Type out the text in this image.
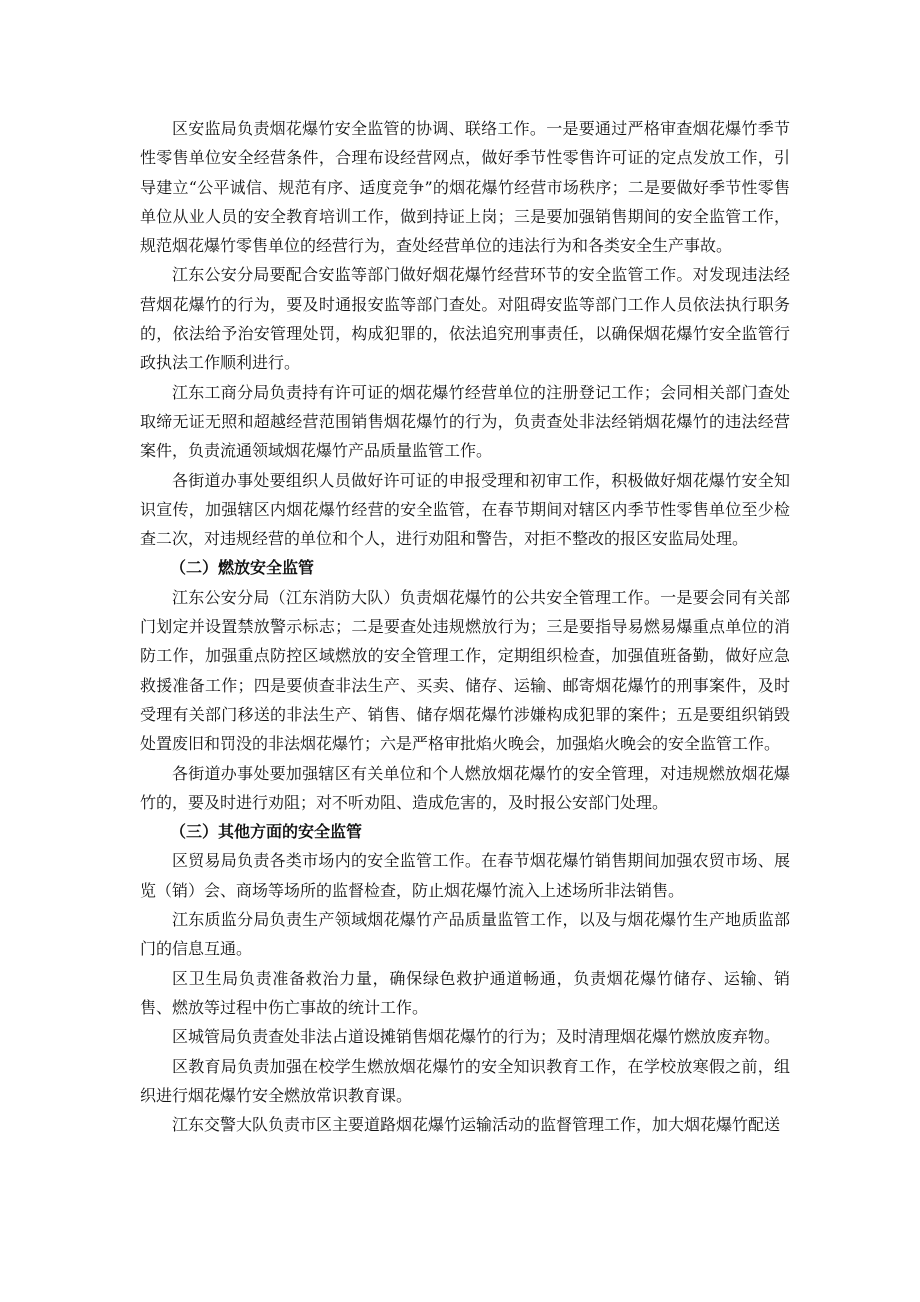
区安监局负责烟花爆竹安全监管的协调、联络工作。一是要通过严格审查烟花爆竹季节性零售单位安全经营条件，合理布设经营网点，做好季节性零售许可证的定点发放工作，引导建立“公平诚信、规范有序、适度竞争”的烟花爆竹经营市场秩序；二是要做好季节性零售单位从业人员的安全教育培训工作，做到持证上岗；三是要加强销售期间的安全监管工作，规范烟花爆竹零售单位的经营行为，查处经营单位的违法行为和各类安全生产事故。

江东公安分局要配合安监等部门做好烟花爆竹经营环节的安全监管工作。对发现违法经营烟花爆竹的行为，要及时通报安监等部门查处。对阻碍安监等部门工作人员依法执行职务的，依法给予治安管理处罚，构成犯罪的，依法追究刑事责任，以确保烟花爆竹安全监管行政执法工作顺利进行。

江东工商分局负责持有许可证的烟花爆竹经营单位的注册登记工作；会同相关部门查处取缔无证无照和超越经营范围销售烟花爆竹的行为，负责查处非法经销烟花爆竹的违法经营案件，负责流通领域烟花爆竹产品质量监管工作。

各街道办事处要组织人员做好许可证的申报受理和初审工作，积极做好烟花爆竹安全知识宣传，加强辖区内烟花爆竹经营的安全监管，在春节期间对辖区内季节性零售单位至少检查二次，对违规经营的单位和个人，进行劝阻和警告，对拒不整改的报区安监局处理。

（二）燃放安全监管

江东公安分局（江东消防大队）负责烟花爆竹的公共安全管理工作。一是要会同有关部门划定并设置禁放警示标志；二是要查处违规燃放行为；三是要指导易燃易爆重点单位的消防工作，加强重点防控区域燃放的安全管理工作，定期组织检查，加强值班备勤，做好应急救援准备工作；四是要侦查非法生产、买卖、储存、运输、邮寄烟花爆竹的刑事案件，及时受理有关部门移送的非法生产、销售、储存烟花爆竹涉嫌构成犯罪的案件；五是要组织销毁处置废旧和罚没的非法烟花爆竹；六是严格审批焰火晚会，加强焰火晚会的安全监管工作。

各街道办事处要加强辖区有关单位和个人燃放烟花爆竹的安全管理，对违规燃放烟花爆竹的，要及时进行劝阻；对不听劝阻、造成危害的，及时报公安部门处理。

（三）其他方面的安全监管

区贸易局负责各类市场内的安全监管工作。在春节烟花爆竹销售期间加强农贸市场、展览（销）会、商场等场所的监督检查，防止烟花爆竹流入上述场所非法销售。

江东质监分局负责生产领域烟花爆竹产品质量监管工作，以及与烟花爆竹生产地质监部门的信息互通。

区卫生局负责准备救治力量，确保绿色救护通道畅通，负责烟花爆竹储存、运输、销售、燃放等过程中伤亡事故的统计工作。

区城管局负责查处非法占道设摊销售烟花爆竹的行为；及时清理烟花爆竹燃放废弃物。

区教育局负责加强在校学生燃放烟花爆竹的安全知识教育工作，在学校放寒假之前，组织进行烟花爆竹安全燃放常识教育课。

江东交警大队负责市区主要道路烟花爆竹运输活动的监督管理工作，加大烟花爆竹配送
